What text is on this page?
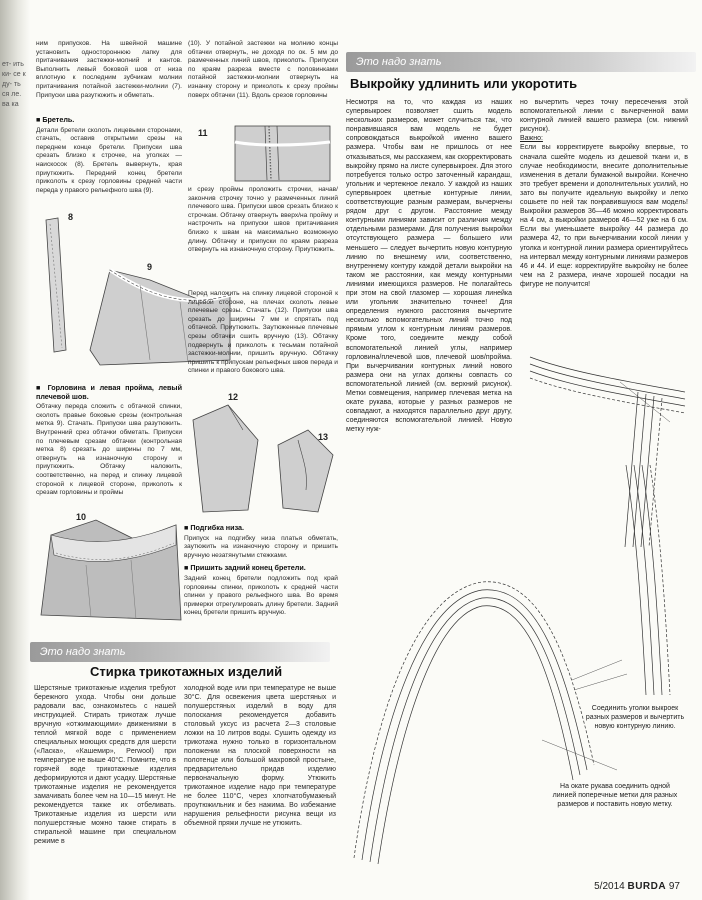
ет- ить ки- се к ду- ть ся ле. ва ка

ним припусков. На швейной машине установить одностороннюю лапку для притачивания застежки-молний и кантов. Выполнить левый боковой шов от низа вплотную к последним зубчикам молнии притачивания потайной застежки-молнии (7). Припуски шва разутюжить и обметать.

■ Бретель.

Детали бретели сколоть лицевыми сторонами, стачать, оставив открытыми срезы на переднем конце бретели. Припуски шва срезать близко к строчке, на уголках — наискосок (8). Бретель вывернуть, края приутюжить. Передний конец бретели приколоть к срезу горловины средней части переда у правого рельефного шва (9).

(10). У потайной застежки на молнию концы обтачки отвернуть, не доходя по ок. 5 мм до размеченных линий швов, приколоть. Припуски по краям разреза вместе с половинками потайной застежки-молнии отвернуть на изнанку сторону и приколоть к срезу проймы поверх обтачки (11). Вдоль срезов горловины

8
9
■ Горловина и левая пройма, левый плечевой шов.

Обтачку переда сложить с обтачкой спинки, сколоть правые боковые срезы (контрольная метка 9). Стачать. Припуски шва разутюжить. Внутренний срез обтачки обметать. Припуски по плечевым срезам обтачки (контрольная метка 8) срезать до ширины по 7 мм, отвернуть на изнаночную сторону и приутюжить. Обтачку наложить, соответственно, на перед и спинку лицевой стороной к лицевой стороне, приколоть к срезам горловины и проймы

10
11

и срезу проймы проложить строчки, начав/закончив строчку точно у размеченных линий плечевого шва. Припуски швов срезать близко к строчкам. Обтачку отвернуть вверх/на пройму и настрочить на припуски швов притачивания близко к швам на максимально возможную длину. Обтачку и припуски по краям разреза отвернуть на изнаночную сторону. Приутюжить.

Перед наложить на спинку лицевой стороной к лицевой стороне, на плечах сколоть левые плечевые срезы. Стачать (12). Припуски шва срезать до ширины 7 мм и спрятать под обтачкой. Приутюжить. Заутюженные плечевые срезы обтачки сшить вручную (13). Обтачку подвернуть и приколоть к тесьмам потайной застежки-молнии, пришить вручную. Обтачку пришить к припускам рельефных швов переда и спинки и правого бокового шва.

12
13
■ Подгибка низа.

Припуск на подгибку низа платья обметать, заутюжить на изнаночную сторону и пришить вручную незатянутыми стежками.

■ Пришить задний конец бретели.

Задний конец бретели подложить под край горловины спинки, приколоть к средней части спинки у правого рельефного шва. Во время примерки отрегулировать длину бретели. Задний конец бретели пришить вручную.

Это надо знать
Стирка трикотажных изделий

Шерстяные трикотажные изделия требуют бережного ухода. Чтобы они дольше радовали вас, ознакомьтесь с нашей инструкцией. Стирать трикотаж лучше вручную «отжимающими» движениями в теплой мягкой воде с применением специальных моющих средств для шерсти («Ласка», «Кашемир», Perwool) при температуре не выше 40°С. Помните, что в горячей воде трикотажные изделия деформируются и дают усадку. Шерстяные трикотажные изделия не рекомендуется замачивать более чем на 10—15 минут. Не рекомендуется также их отбеливать. Трикотажные изделия из шерсти или полушерстяные можно также стирать в стиральной машине при специальном режиме в

холодной воде или при температуре не выше 30°С. Для освежения цвета шерстяных и полушерстяных изделий в воду для полоскания рекомендуется добавить столовый уксус из расчета 2—3 столовые ложки на 10 литров воды. Сушить одежду из трикотажа нужно только в горизонтальном положении на плоской поверхности на полотенце или большой махровой простыне, предварительно придав изделию первоначальную форму. Утюжить трикотажное изделие надо при температуре не более 110°С, через хлопчатобумажный проутюжильник и без нажима. Во избежание нарушения рельефности рисунка вещи из объемной пряжи лучше не утюжить.

Это надо знать
Выкройку удлинить или укоротить

Несмотря на то, что каждая из наших супервыкроек позволяет сшить модель нескольких размеров, может случиться так, что понравившаяся вам модель не будет сопровождаться выкройкой именно вашего размера. Чтобы вам не пришлось от нее отказываться, мы расскажем, как скорректировать выкройку прямо на листе супервыкроек. Для этого потребуется только остро заточенный карандаш, угольник и чертежное лекало. У каждой из наших супервыкроек цветные контурные линии, соответствующие разным размерам, вычерчены рядом друг с другом. Расстояние между контурными линиями зависит от различия между отдельными размерами. Для получения выкройки отсутствующего размера — большего или меньшего — следует вычертить новую контурную линию по внешнему или, соответственно, внутреннему контуру каждой детали выкройки на таком же расстоянии, как между контурными линиями имеющихся размеров. Не полагайтесь при этом на свой глазомер — хорошая линейка или угольник значительно точнее! Для определения нужного расстояния вычертите несколько вспомогательных линий точно под прямым углом к контурным линиям размеров. Кроме того, соедините между собой вспомогательной линией углы, например горловина/плечевой шов, плечевой шов/пройма. При вычерчивании контурных линий нового размера они на углах должны совпасть со вспомогательной линией (см. верхний рисунок). Метки совмещения, например плечевая метка на окате рукава, которые у разных размеров не совпадают, а находятся параллельно друг другу, соединяются вспомогательной линией. Новую метку нуж-

но вычертить через точку пересечения этой вспомогательной линии с вычерченной вами контурной линией вашего размера (см. нижний рисунок).

Важно:

Если вы корректируете выкройку впервые, то сначала сшейте модель из дешевой ткани и, в случае необходимости, внесите дополнительные изменения в детали бумажной выкройки. Конечно это требует времени и дополнительных усилий, но зато вы получите идеальную выкройку и легко сошьете по ней так понравившуюся вам модель! Выкройки размеров 36—46 можно корректировать на 4 см, а выкройки размеров 46—52 уже на 6 см. Если вы уменьшаете выкройку 44 размера до размера 42, то при вычерчивании косой линии у уголка и контурной линии размера ориентируйтесь на интервал между контурными линиями размеров 46 и 44. И еще: корректируйте выкройку не более чем на 2 размера, иначе хорошей посадки на фигуре не получится!

Соединить уголки выкроек разных размеров и вычертить новую контурную линию.
На окате рукава соединить одной линией поперечные метки для разных размеров и поставить новую метку.
5/2014 BURDA 97
